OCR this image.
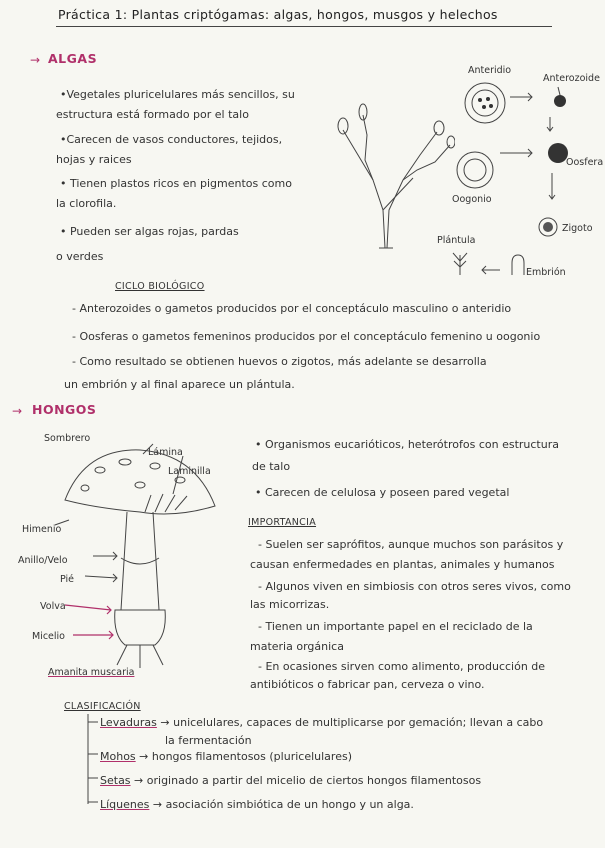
Práctica 1: Plantas criptógamas: algas, hongos, musgos y helechos
→ ALGAS
•Vegetales pluricelulares más sencillos, su
estructura está formado por el talo
•Carecen de vasos conductores, tejidos,
hojas y raices
• Tienen plastos ricos en pigmentos como
la clorofila.
• Pueden ser algas rojas, pardas
o verdes
Anteridio
Anterozoide
Oosfera
Oogonio
Zigoto
Plántula
Embrión
CICLO BIOLÓGICO
- Anterozoides o gametos producidos por el conceptáculo masculino o anteridio
- Oosferas o gametos femeninos producidos por el conceptáculo femenino u oogonio
- Como resultado se obtienen huevos o zigotos, más adelante se desarrolla
un embrión y al final aparece un plántula.
→ HONGOS
Sombrero
Lámina
Laminilla
Himenio
Anillo/Velo
Pié
Volva
Micelio
Amanita muscaria
• Organismos eucarióticos, heterótrofos con estructura
de talo
• Carecen de celulosa y poseen pared vegetal
IMPORTANCIA
- Suelen ser saprófitos, aunque muchos son parásitos y
causan enfermedades en plantas, animales y humanos
- Algunos viven en simbiosis con otros seres vivos, como
las micorrizas.
- Tienen un importante papel en el reciclado de la
materia orgánica
- En ocasiones sirven como alimento, producción de
antibióticos o fabricar pan, cerveza o vino.
CLASIFICACIÓN
Levaduras → unicelulares, capaces de multiplicarse por gemación; llevan a cabo
la fermentación
Mohos → hongos filamentosos (pluricelulares)
Setas → originado a partir del micelio de ciertos hongos filamentosos
Líquenes → asociación simbiótica de un hongo y un alga.
